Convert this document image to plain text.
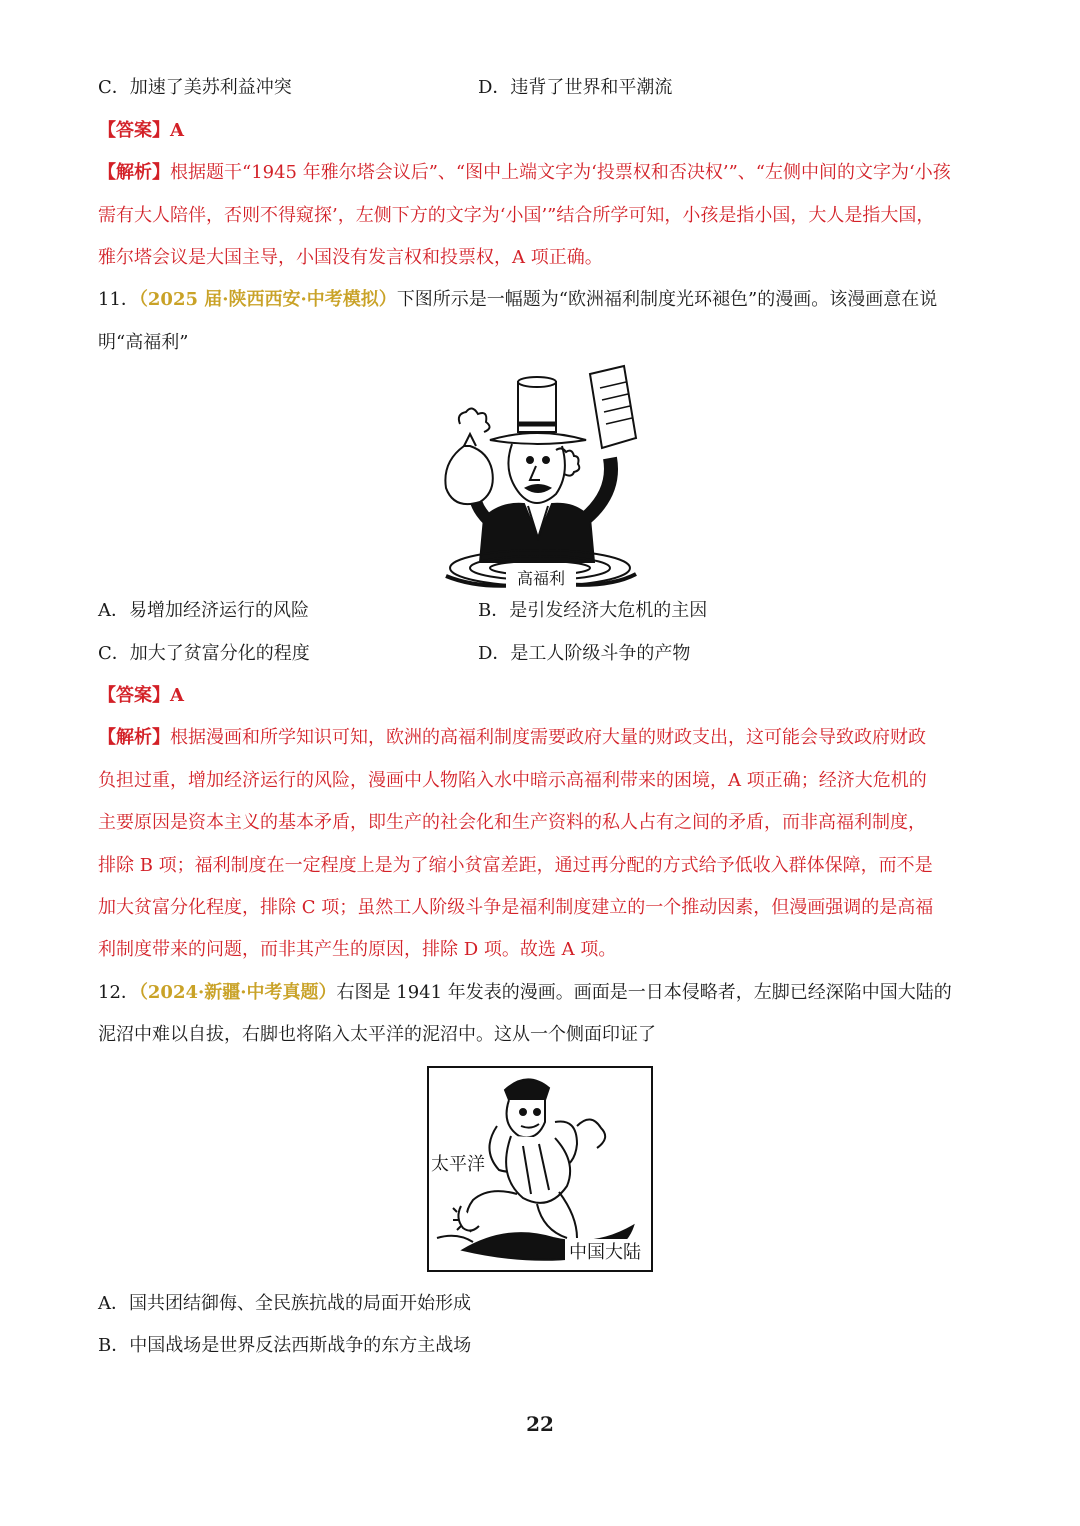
C．加速了美苏利益冲突	D．违背了世界和平潮流
【答案】A
【解析】根据题干“1945 年雅尔塔会议后”、“图中上端文字为‘投票权和否决权’”、“左侧中间的文字为‘小孩
需有大人陪伴，否则不得窥探’，左侧下方的文字为‘小国’”结合所学可知，小孩是指小国，大人是指大国，
雅尔塔会议是大国主导，小国没有发言权和投票权，A 项正确。
11．（2025 届·陕西西安·中考模拟）下图所示是一幅题为“欧洲福利制度光环褪色”的漫画。该漫画意在说
明“高福利”
高福利
A．易增加经济运行的风险	B．是引发经济大危机的主因
C．加大了贫富分化的程度	D．是工人阶级斗争的产物
【答案】A
【解析】根据漫画和所学知识可知，欧洲的高福利制度需要政府大量的财政支出，这可能会导致政府财政
负担过重，增加经济运行的风险，漫画中人物陷入水中暗示高福利带来的困境，A 项正确；经济大危机的
主要原因是资本主义的基本矛盾，即生产的社会化和生产资料的私人占有之间的矛盾，而非高福利制度，
排除 B 项；福利制度在一定程度上是为了缩小贫富差距，通过再分配的方式给予低收入群体保障，而不是
加大贫富分化程度，排除 C 项；虽然工人阶级斗争是福利制度建立的一个推动因素，但漫画强调的是高福
利制度带来的问题，而非其产生的原因，排除 D 项。故选 A 项。
12．（2024·新疆·中考真题）右图是 1941 年发表的漫画。画面是一日本侵略者，左脚已经深陷中国大陆的
泥沼中难以自拔，右脚也将陷入太平洋的泥沼中。这从一个侧面印证了
太平洋
中国大陆
A．国共团结御侮、全民族抗战的局面开始形成
B．中国战场是世界反法西斯战争的东方主战场
22
